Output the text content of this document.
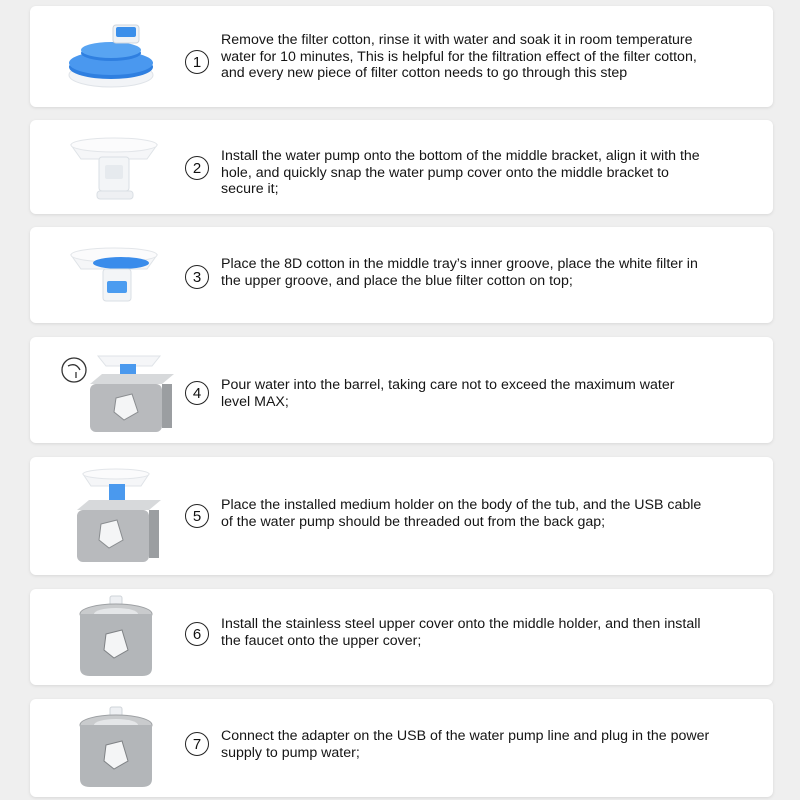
1
Remove the filter cotton, rinse it with water and soak it in room temperature
water for 10 minutes, This is helpful for the filtration effect of the filter cotton,
and every new piece of filter cotton needs to go through this step
2
Install the water pump onto the bottom of the middle bracket, align it with the
hole, and quickly snap the water pump cover onto the middle bracket to
secure it;
3
Place the 8D cotton in the middle tray’s inner groove, place the white filter in
the upper groove, and place the blue filter cotton on top;
4	Pour water into the barrel, taking care not to exceed the maximum water
level MAX;
5
Place the installed medium holder on the body of the tub, and the USB cable
of the water pump should be threaded out from the back gap;
6
Install the stainless steel upper cover onto the middle holder, and then install
the faucet onto the upper cover;
7	Connect the adapter on the USB of the water pump line and plug in the power
supply to pump water;
